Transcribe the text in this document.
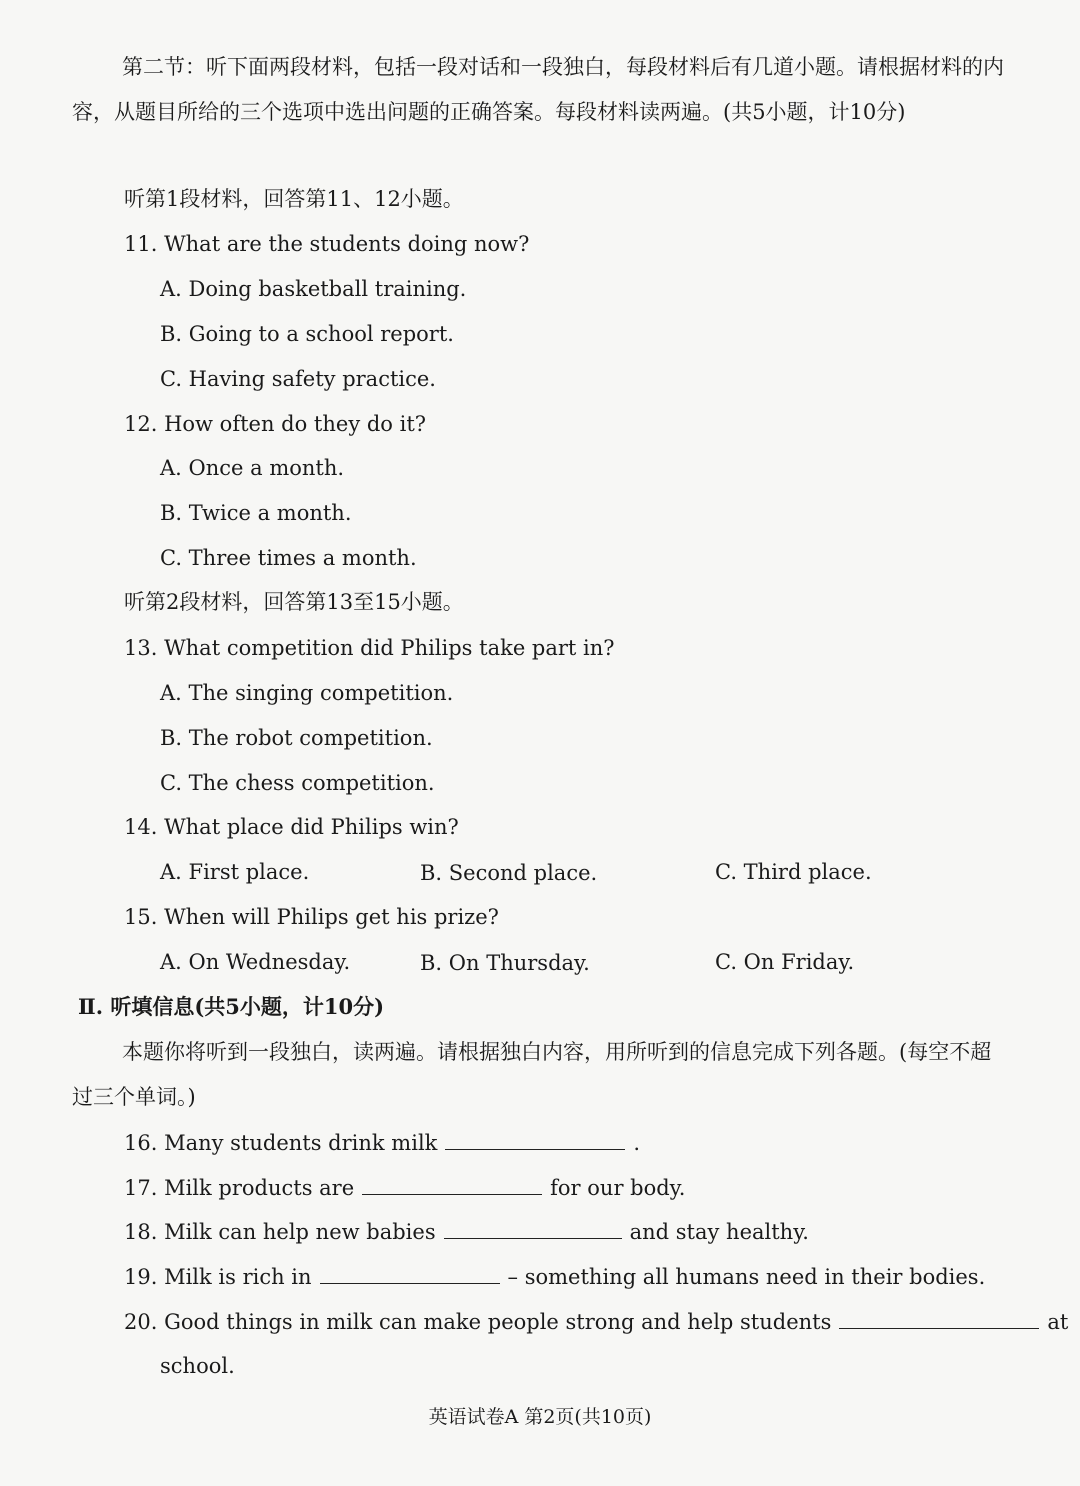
第二节：听下面两段材料，包括一段对话和一段独白，每段材料后有几道小题。请根据材料的内容，从题目所给的三个选项中选出问题的正确答案。每段材料读两遍。(共5小题，计10分)
听第1段材料，回答第11、12小题。
11. What are the students doing now?
A. Doing basketball training.
B. Going to a school report.
C. Having safety practice.
12. How often do they do it?
A. Once a month.
B. Twice a month.
C. Three times a month.
听第2段材料，回答第13至15小题。
13. What competition did Philips take part in?
A. The singing competition.
B. The robot competition.
C. The chess competition.
14. What place did Philips win?
A. First place.	B. Second place.	C. Third place.
15. When will Philips get his prize?
A. On Wednesday.	B. On Thursday.	C. On Friday.
Ⅱ. 听填信息(共5小题，计10分)
本题你将听到一段独白，读两遍。请根据独白内容，用所听到的信息完成下列各题。(每空不超过三个单词。)
16. Many students drink milk	.
17. Milk products are	for our body.
18. Milk can help new babies	and stay healthy.
19. Milk is rich in	– something all humans need in their bodies.
20. Good things in milk can make people strong and help students	at
school.
英语试卷A 第2页(共10页)
